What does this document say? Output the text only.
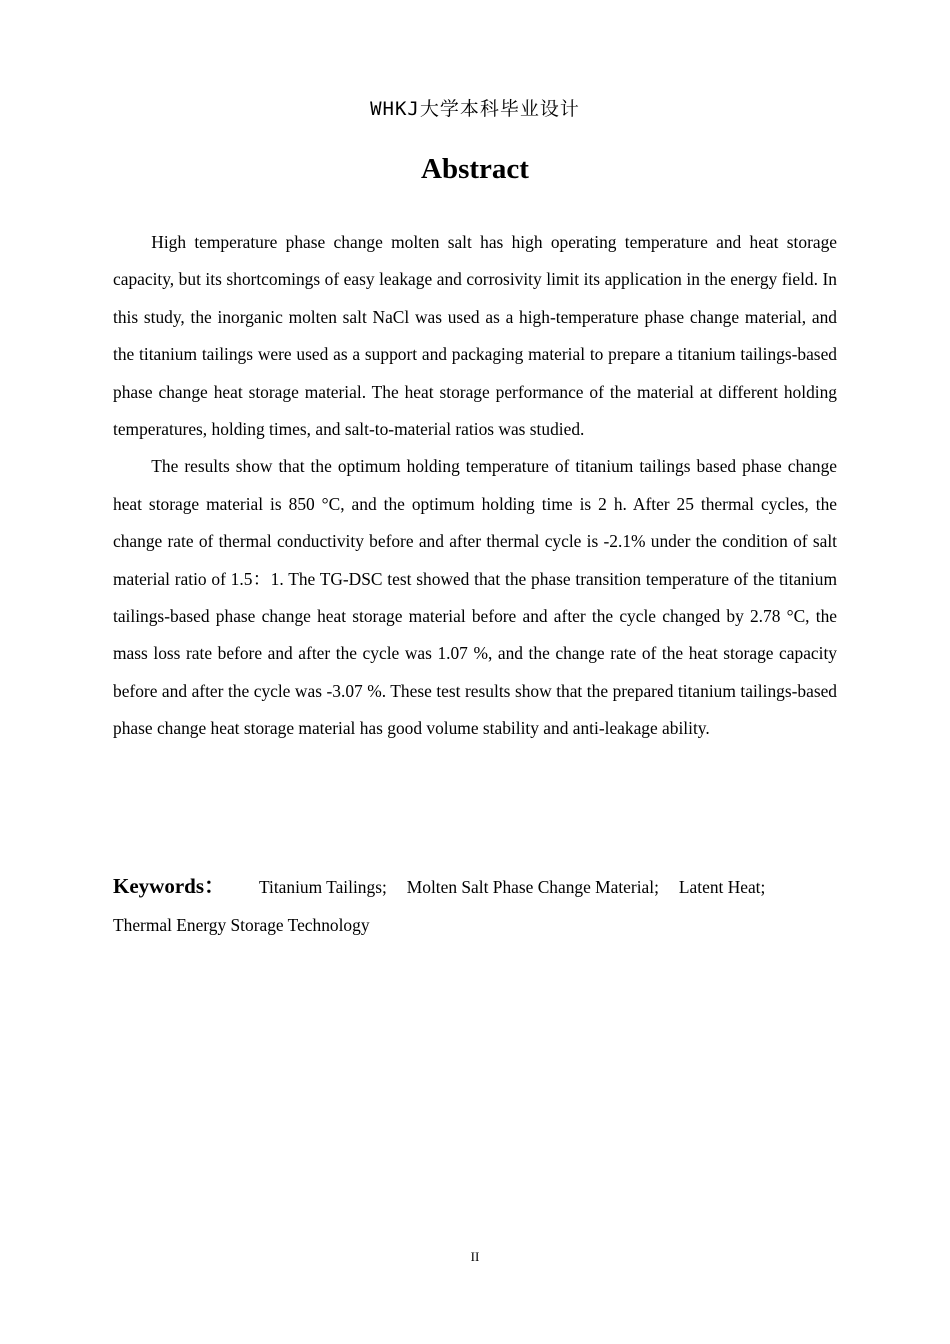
WHKJ大学本科毕业设计
Abstract

High temperature phase change molten salt has high operating temperature and heat storage capacity, but its shortcomings of easy leakage and corrosivity limit its application in the energy field. In this study, the inorganic molten salt NaCl was used as a high-temperature phase change material, and the titanium tailings were used as a support and packaging material to prepare a titanium tailings-based phase change heat storage material. The heat storage performance of the material at different holding temperatures, holding times, and salt-to-material ratios was studied.

The results show that the optimum holding temperature of titanium tailings based phase change heat storage material is 850 °C, and the optimum holding time is 2 h. After 25 thermal cycles, the change rate of thermal conductivity before and after thermal cycle is -2.1% under the condition of salt material ratio of 1.5：1. The TG-DSC test showed that the phase transition temperature of the titanium tailings-based phase change heat storage material before and after the cycle changed by 2.78 °C, the mass loss rate before and after the cycle was 1.07 %, and the change rate of the heat storage capacity before and after the cycle was -3.07 %. These test results show that the prepared titanium tailings-based phase change heat storage material has good volume stability and anti-leakage ability.

Keywords： Titanium Tailings; Molten Salt Phase Change Material; Latent Heat;
Thermal Energy Storage Technology
II
